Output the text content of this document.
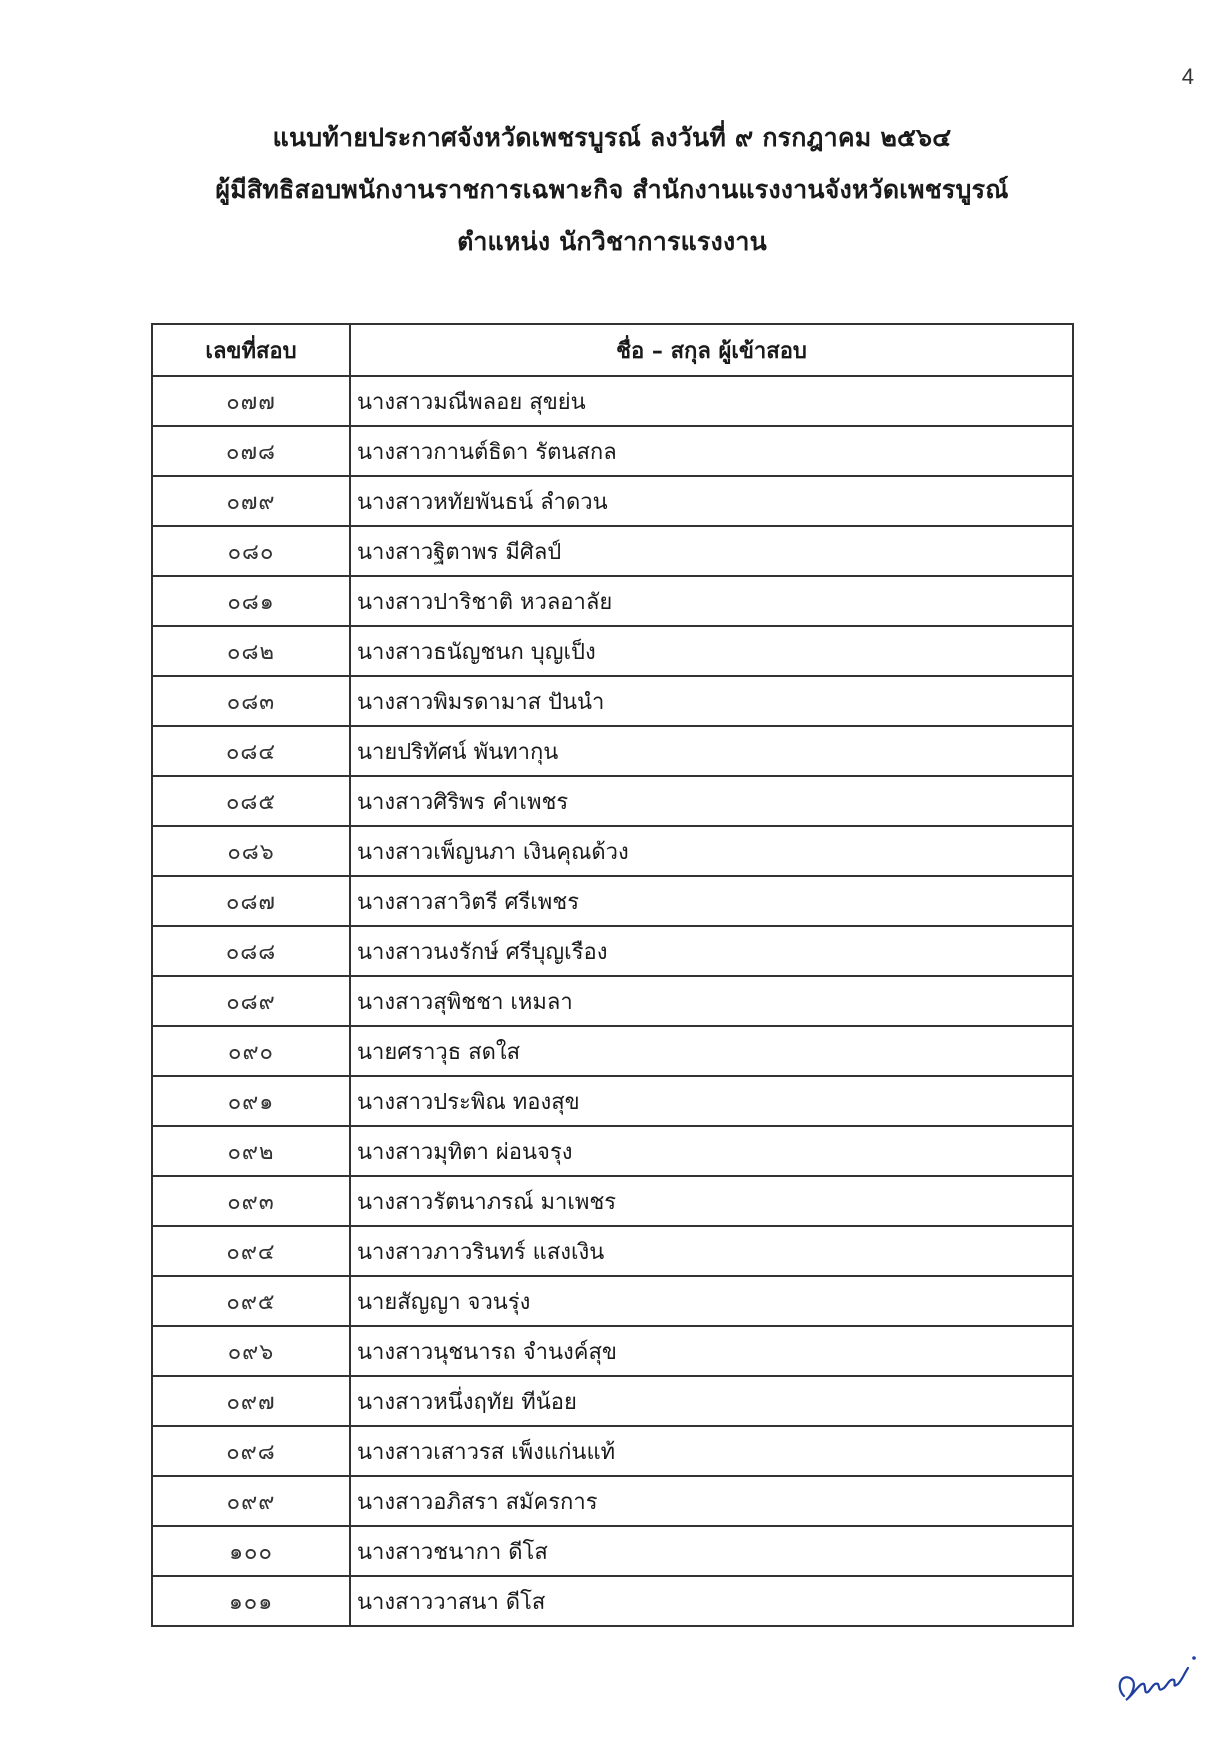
4
แนบท้ายประกาศจังหวัดเพชรบูรณ์ ลงวันที่ ๙ กรกฎาคม ๒๕๖๔
ผู้มีสิทธิสอบพนักงานราชการเฉพาะกิจ สำนักงานแรงงานจังหวัดเพชรบูรณ์
ตำแหน่ง นักวิชาการแรงงาน
เลขที่สอบ	ชื่อ – สกุล ผู้เข้าสอบ
๐๗๗	นางสาวมณีพลอย สุขย่น
๐๗๘	นางสาวกานต์ธิดา รัตนสกล
๐๗๙	นางสาวหทัยพันธน์ ลำดวน
๐๘๐	นางสาวฐิตาพร มีศิลป์
๐๘๑	นางสาวปาริชาติ หวลอาลัย
๐๘๒	นางสาวธนัญชนก บุญเป็ง
๐๘๓	นางสาวพิมรดามาส ปันนำ
๐๘๔	นายปริทัศน์ พันทากุน
๐๘๕	นางสาวศิริพร คำเพชร
๐๘๖	นางสาวเพ็ญนภา เงินคุณด้วง
๐๘๗	นางสาวสาวิตรี ศรีเพชร
๐๘๘	นางสาวนงรักษ์ ศรีบุญเรือง
๐๘๙	นางสาวสุพิชชา เหมลา
๐๙๐	นายศราวุธ สดใส
๐๙๑	นางสาวประพิณ ทองสุข
๐๙๒	นางสาวมุทิตา ผ่อนจรุง
๐๙๓	นางสาวรัตนาภรณ์ มาเพชร
๐๙๔	นางสาวภาวรินทร์ แสงเงิน
๐๙๕	นายสัญญา จวนรุ่ง
๐๙๖	นางสาวนุชนารถ จำนงค์สุข
๐๙๗	นางสาวหนึ่งฤทัย ทีน้อย
๐๙๘	นางสาวเสาวรส เพ็งแก่นแท้
๐๙๙	นางสาวอภิสรา สมัครการ
๑๐๐	นางสาวชนากา ดีโส
๑๐๑	นางสาววาสนา ดีโส
